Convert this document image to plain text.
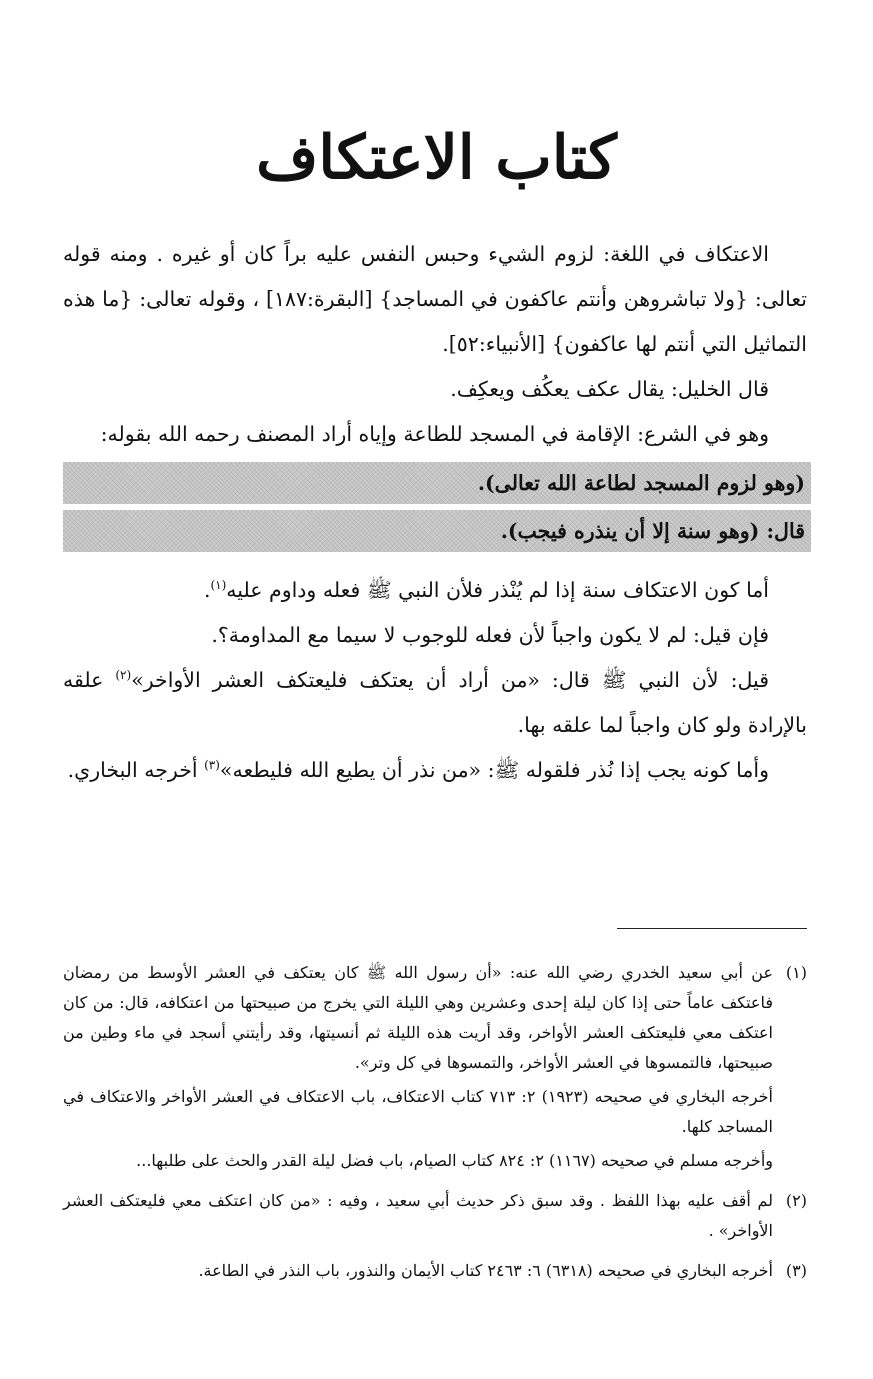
كتاب الاعتكاف

الاعتكاف في اللغة: لزوم الشيء وحبس النفس عليه براً كان أو غيره . ومنه قوله تعالى: {ولا تباشروهن وأنتم عاكفون في المساجد} [البقرة:١٨٧] ، وقوله تعالى: {ما هذه التماثيل التي أنتم لها عاكفون} [الأنبياء:٥٢].

قال الخليل: يقال عكف يعكُف ويعكِف.

وهو في الشرع: الإقامة في المسجد للطاعة وإياه أراد المصنف رحمه الله بقوله:

(وهو لزوم المسجد لطاعة الله تعالى).
قال: (وهو سنة إلا أن ينذره فيجب).

أما كون الاعتكاف سنة إذا لم يُنْذر فلأن النبي ﷺ فعله وداوم عليه$^{(١)}$.

فإن قيل: لم لا يكون واجباً لأن فعله للوجوب لا سيما مع المداومة؟.

قيل: لأن النبي ﷺ قال: «من أراد أن يعتكف فليعتكف العشر الأواخر»$^{(٢)}$ علقه بالإرادة ولو كان واجباً لما علقه بها.

وأما كونه يجب إذا نُذر فلقوله ﷺ: «من نذر أن يطيع الله فليطعه»$^{(٣)}$ أخرجه البخاري.

(١)

عن أبي سعيد الخدري رضي الله عنه: «أن رسول الله ﷺ كان يعتكف في العشر الأوسط من رمضان فاعتكف عاماً حتى إذا كان ليلة إحدى وعشرين وهي الليلة التي يخرج من صبيحتها من اعتكافه، قال: من كان اعتكف معي فليعتكف العشر الأواخر، وقد أريت هذه الليلة ثم أنسيتها، وقد رأيتني أسجد في ماء وطين من صبيحتها، فالتمسوها في العشر الأواخر، والتمسوها في كل وتر».

أخرجه البخاري في صحيحه (١٩٢٣) ٢: ٧١٣ كتاب الاعتكاف، باب الاعتكاف في العشر الأواخر والاعتكاف في المساجد كلها.

وأخرجه مسلم في صحيحه (١١٦٧) ٢: ٨٢٤ كتاب الصيام، باب فضل ليلة القدر والحث على طلبها...

(٢)

لم أقف عليه بهذا اللفظ . وقد سبق ذكر حديث أبي سعيد ، وفيه : «من كان اعتكف معي فليعتكف العشر الأواخر» .

(٣)

أخرجه البخاري في صحيحه (٦٣١٨) ٦: ٢٤٦٣ كتاب الأيمان والنذور، باب النذر في الطاعة.
